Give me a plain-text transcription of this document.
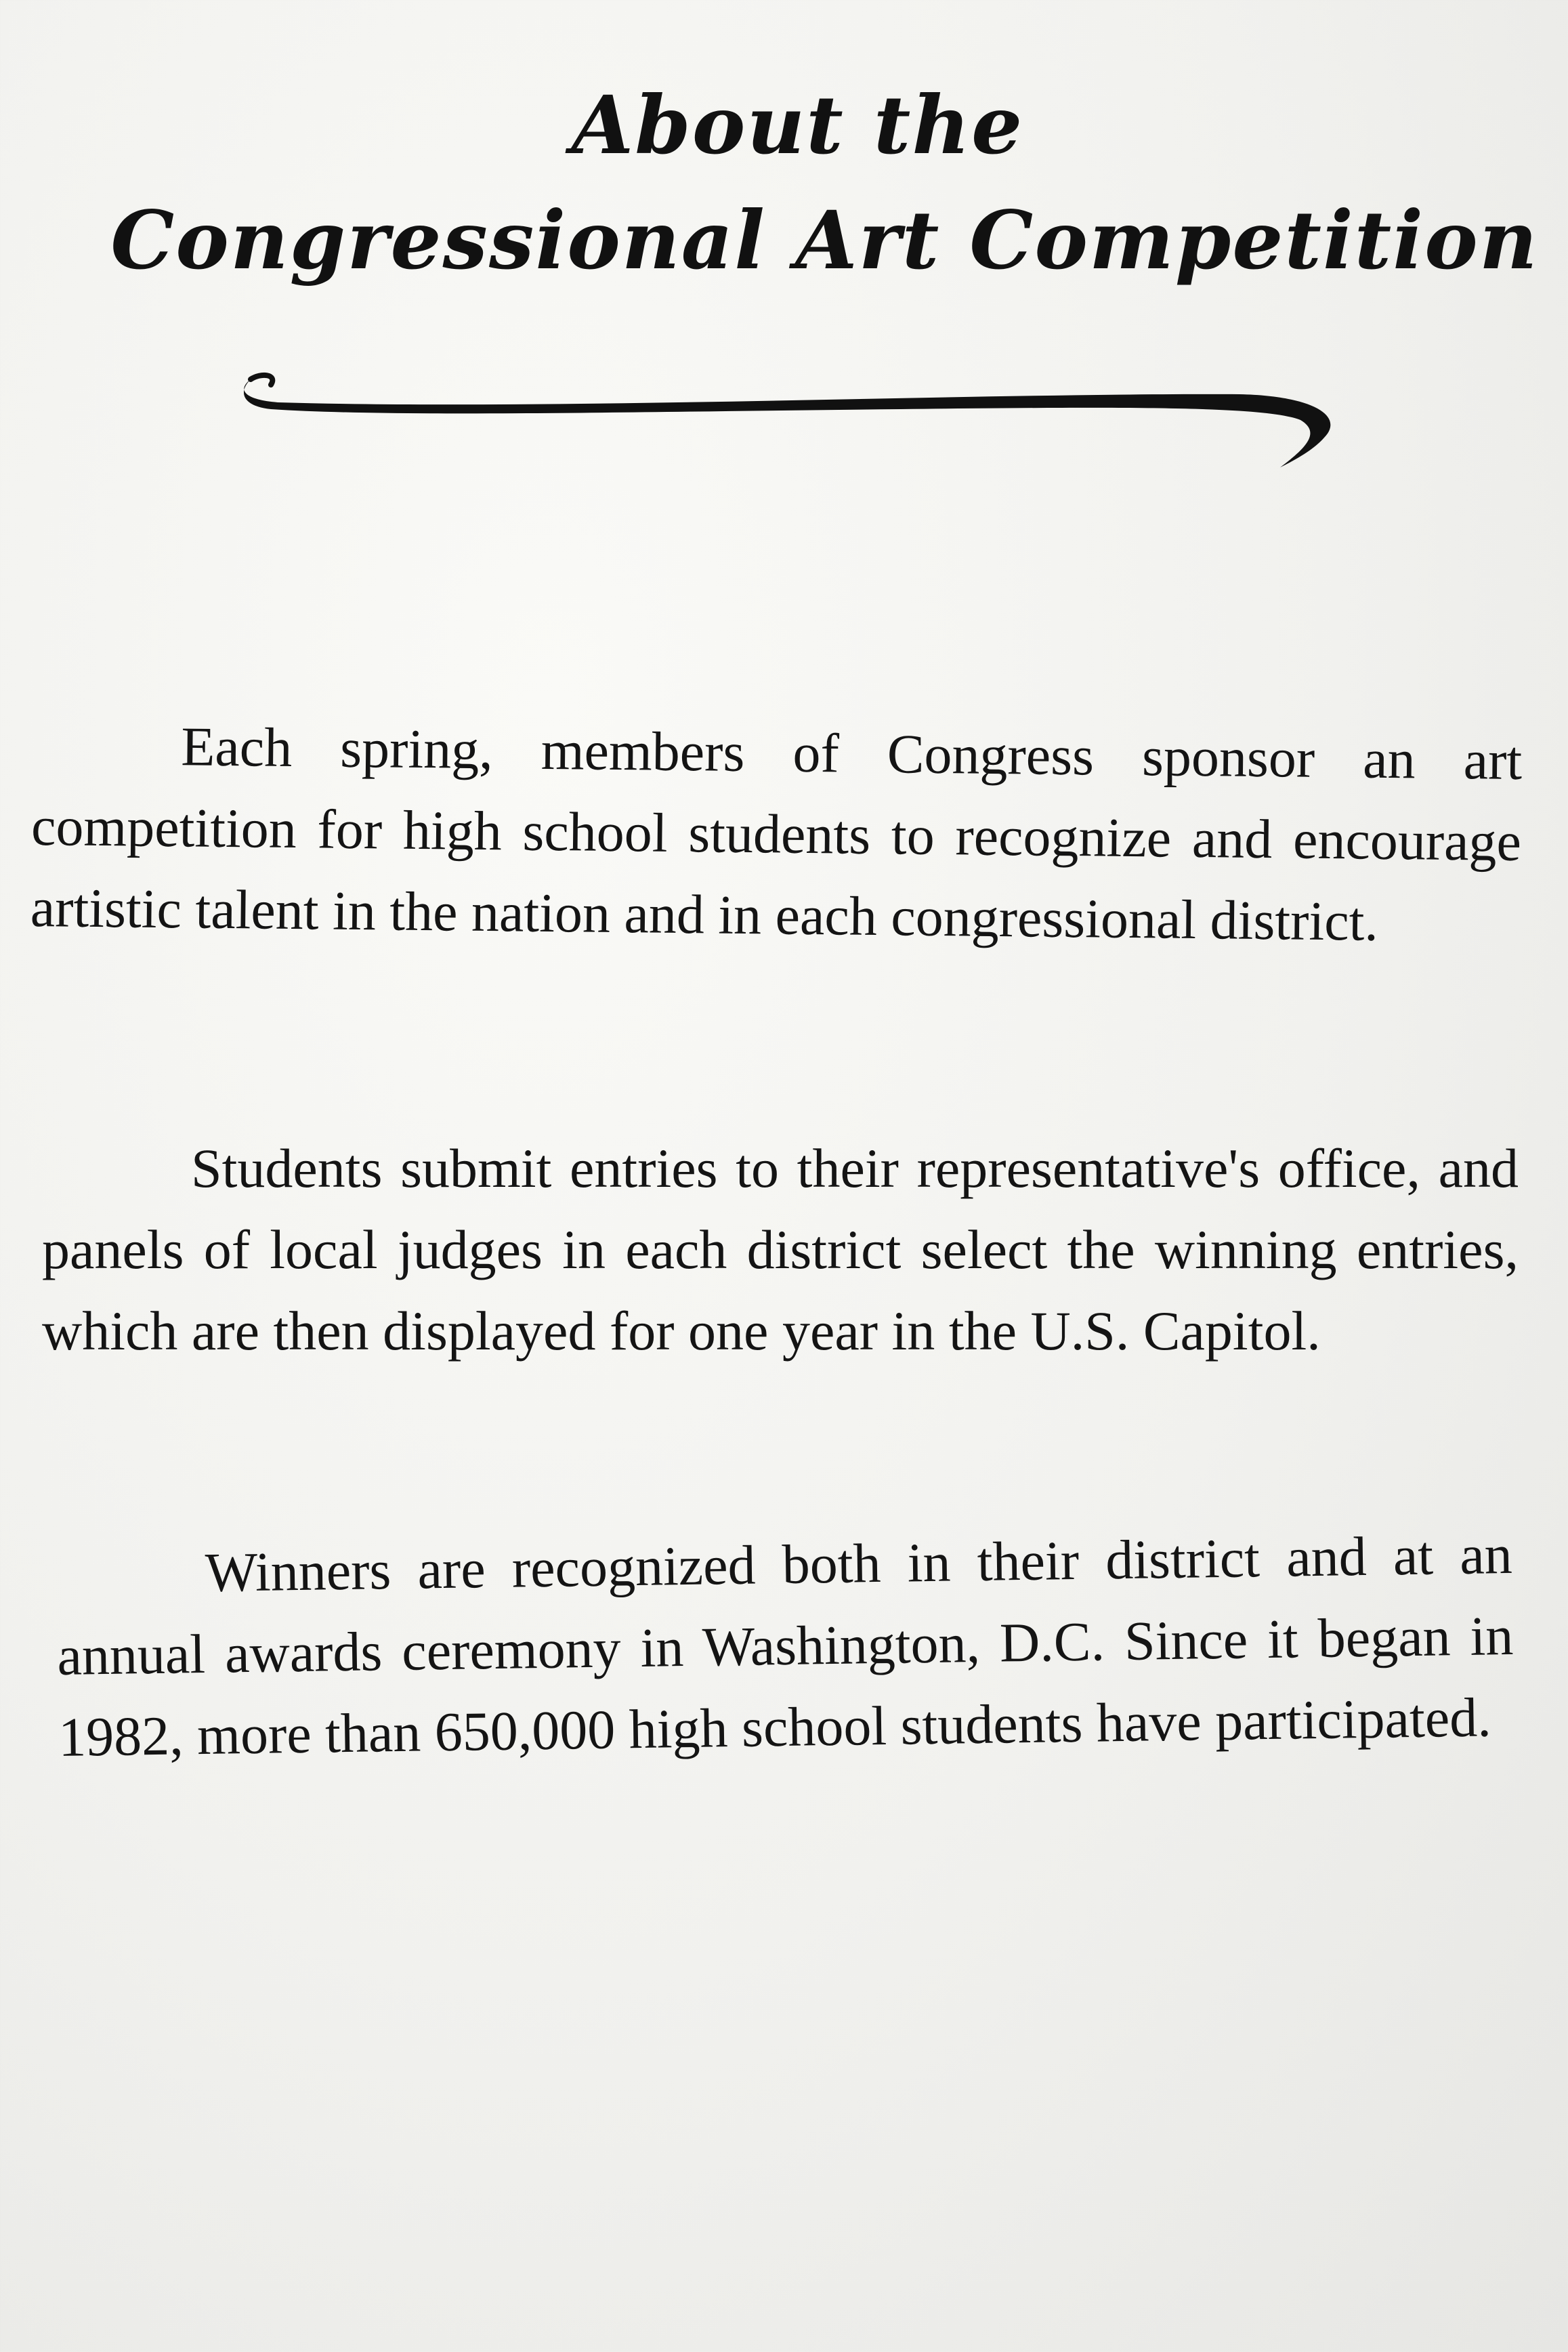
About the
Congressional Art Competition
Each spring, members of Congress sponsor an art competition for high school students to recognize and encourage artistic talent in the nation and in each congressional district.
Students submit entries to their representative's office, and panels of local judges in each district select the winning entries, which are then displayed for one year in the U.S. Capitol.
Winners are recognized both in their district and at an annual awards ceremony in Washington, D.C. Since it began in 1982, more than 650,000 high school students have participated.
